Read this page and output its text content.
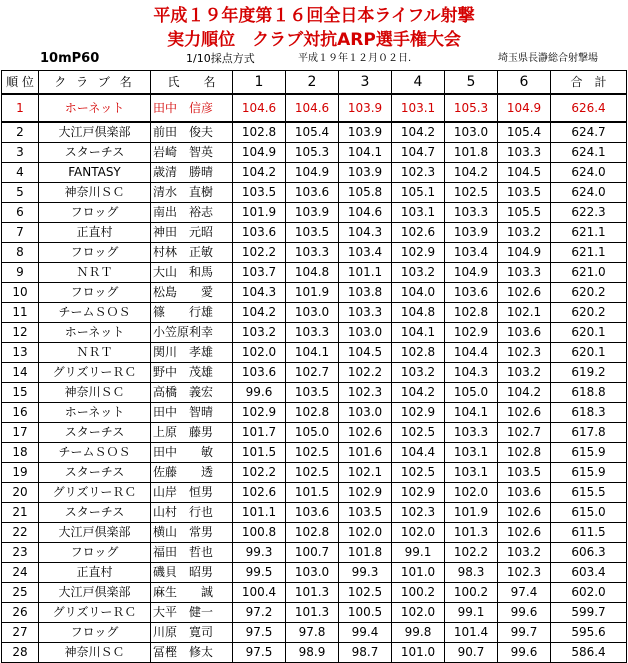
平成１９年度第１６回全日本ライフル射撃
実力順位　クラブ対抗ARP選手権大会
10mP60	1/10採点方式	平成１９年１２月０２日.	埼玉県長瀞総合射撃場
順 位	ク ラ ブ 名	氏　　名	1	2	3	4	5	6	合　計
1	ホーネット	田中　信彦	104.6	104.6	103.9	103.1	105.3	104.9	626.4
2	大江戸倶楽部	前田　俊夫	102.8	105.4	103.9	104.2	103.0	105.4	624.7
3	スターチス	岩崎　智英	104.9	105.3	104.1	104.7	101.8	103.3	624.1
4	FANTASY	歳清　勝晴	104.2	104.9	103.9	102.3	104.2	104.5	624.0
5	神奈川ＳＣ	清水　直樹	103.5	103.6	105.8	105.1	102.5	103.5	624.0
6	フロッグ	南出　裕志	101.9	103.9	104.6	103.1	103.3	105.5	622.3
7	正直村	神田　元昭	103.6	103.5	104.3	102.6	103.9	103.2	621.1
8	フロッグ	村林　正敏	102.2	103.3	103.4	102.9	103.4	104.9	621.1
9	ＮＲＴ	大山　和馬	103.7	104.8	101.1	103.2	104.9	103.3	621.0
10	フロッグ	松島　　愛	104.3	101.9	103.8	104.0	103.6	102.6	620.2
11	チームＳＯＳ	篠　　行雄	104.2	103.0	103.3	104.8	102.8	102.1	620.2
12	ホーネット	小笠原利幸	103.2	103.3	103.0	104.1	102.9	103.6	620.1
13	ＮＲＴ	関川　孝雄	102.0	104.1	104.5	102.8	104.4	102.3	620.1
14	グリズリーＲＣ	野中　茂雄	103.6	102.7	102.2	103.2	104.3	103.2	619.2
15	神奈川ＳＣ	高橋　義宏	99.6	103.5	102.3	104.2	105.0	104.2	618.8
16	ホーネット	田中　智晴	102.9	102.8	103.0	102.9	104.1	102.6	618.3
17	スターチス	上原　藤男	101.7	105.0	102.6	102.5	103.3	102.7	617.8
18	チームＳＯＳ	田中　　敏	101.5	102.5	101.6	104.4	103.1	102.8	615.9
19	スターチス	佐藤　　透	102.2	102.5	102.1	102.5	103.1	103.5	615.9
20	グリズリーＲＣ	山岸　恒男	102.6	101.5	102.9	102.9	102.0	103.6	615.5
21	スターチス	山村　行也	101.1	103.6	103.5	102.3	101.9	102.6	615.0
22	大江戸倶楽部	横山　常男	100.8	102.8	102.0	102.0	101.3	102.6	611.5
23	フロッグ	福田　哲也	99.3	100.7	101.8	99.1	102.2	103.2	606.3
24	正直村	磯貝　昭男	99.5	103.0	99.3	101.0	98.3	102.3	603.4
25	大江戸倶楽部	麻生　　誠	100.4	101.3	102.5	100.2	100.2	97.4	602.0
26	グリズリーＲＣ	大平　健一	97.2	101.3	100.5	102.0	99.1	99.6	599.7
27	フロッグ	川原　寛司	97.5	97.8	99.4	99.8	101.4	99.7	595.6
28	神奈川ＳＣ	冨樫　修太	97.5	98.9	98.7	101.0	90.7	99.6	586.4
